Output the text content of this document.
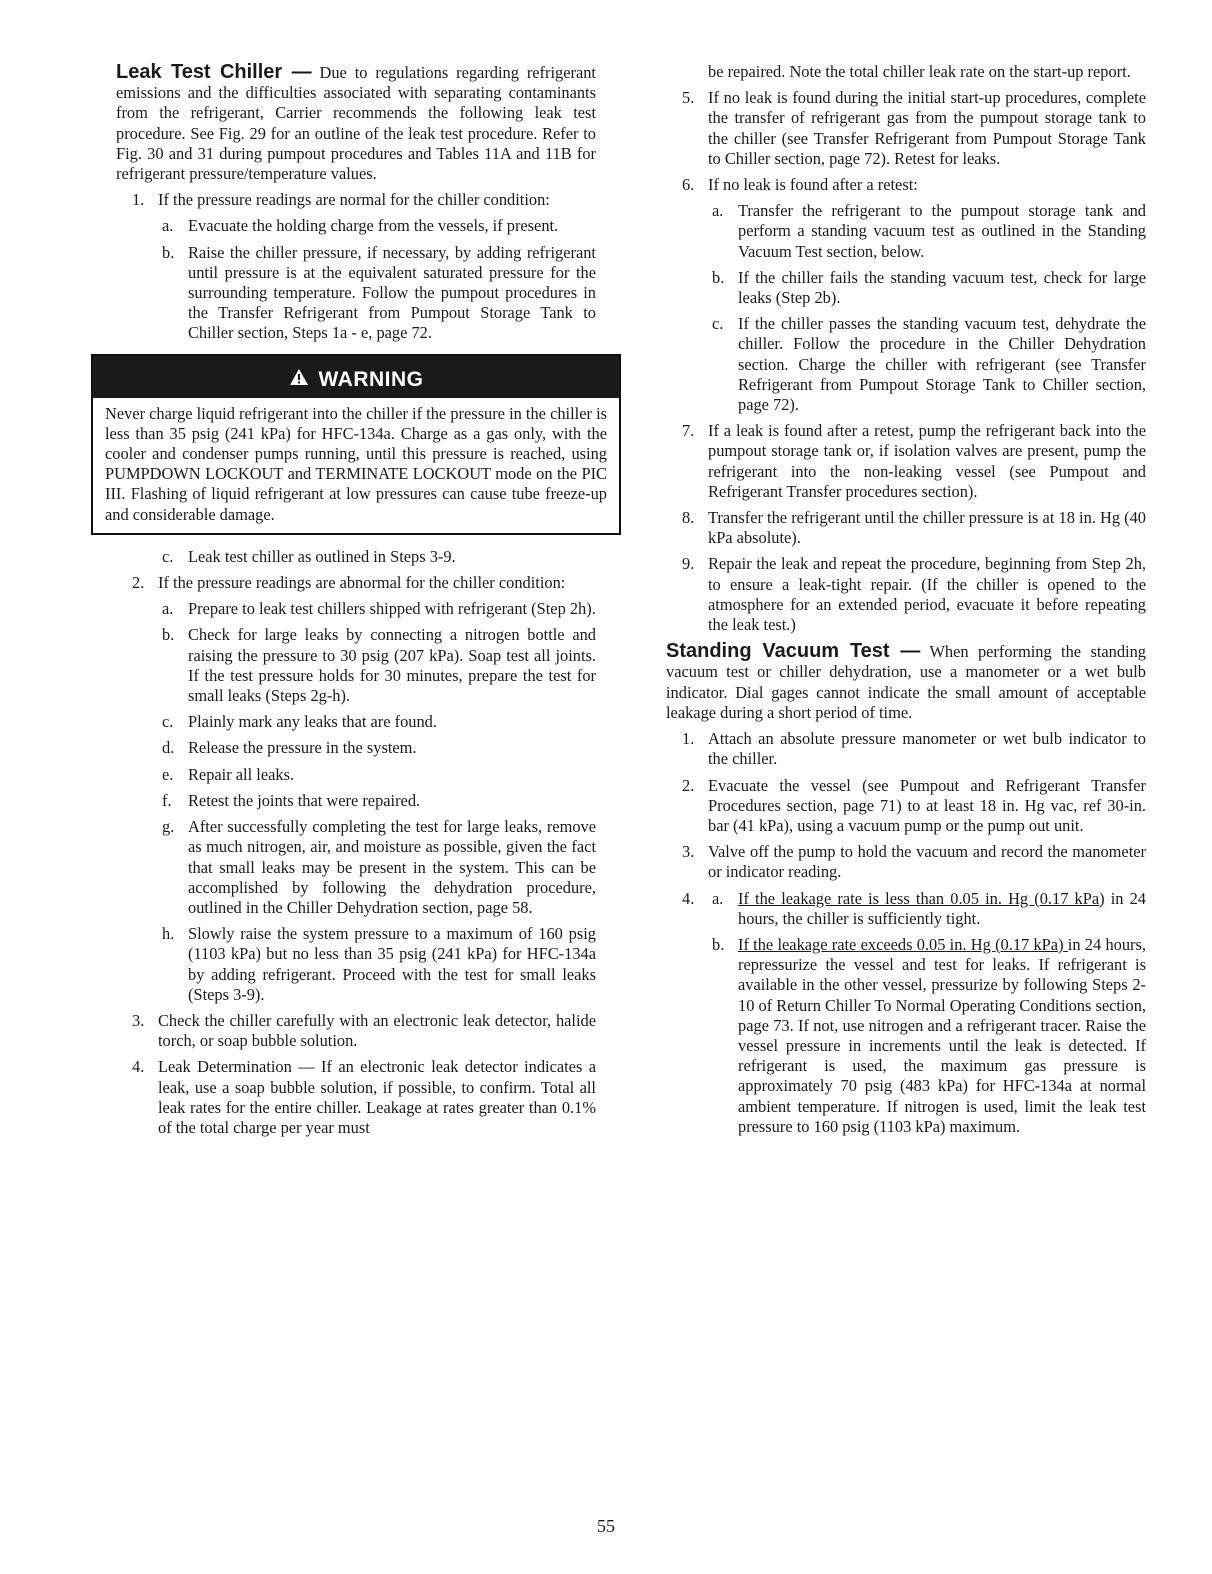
Leak Test Chiller — Due to regulations regarding refrigerant emissions and the difficulties associated with separating contaminants from the refrigerant, Carrier recommends the following leak test procedure. See Fig. 29 for an outline of the leak test procedure. Refer to Fig. 30 and 31 during pumpout procedures and Tables 11A and 11B for refrigerant pressure/temperature values.

1. If the pressure readings are normal for the chiller condition:
a. Evacuate the holding charge from the vessels, if present.
b. Raise the chiller pressure, if necessary, by adding refrigerant until pressure is at the equivalent saturated pressure for the surrounding temperature. Follow the pumpout procedures in the Transfer Refrigerant from Pumpout Storage Tank to Chiller section, Steps 1a - e, page 72.
WARNING
Never charge liquid refrigerant into the chiller if the pressure in the chiller is less than 35 psig (241 kPa) for HFC-134a. Charge as a gas only, with the cooler and condenser pumps running, until this pressure is reached, using PUMPDOWN LOCKOUT and TERMINATE LOCKOUT mode on the PIC III. Flashing of liquid refrigerant at low pressures can cause tube freeze-up and considerable damage.
c. Leak test chiller as outlined in Steps 3-9.
2. If the pressure readings are abnormal for the chiller condition:
a. Prepare to leak test chillers shipped with refrigerant (Step 2h).
b. Check for large leaks by connecting a nitrogen bottle and raising the pressure to 30 psig (207 kPa). Soap test all joints. If the test pressure holds for 30 minutes, prepare the test for small leaks (Steps 2g-h).
c. Plainly mark any leaks that are found.
d. Release the pressure in the system.
e. Repair all leaks.
f. Retest the joints that were repaired.
g. After successfully completing the test for large leaks, remove as much nitrogen, air, and moisture as possible, given the fact that small leaks may be present in the system. This can be accomplished by following the dehydration procedure, outlined in the Chiller Dehydration section, page 58.
h. Slowly raise the system pressure to a maximum of 160 psig (1103 kPa) but no less than 35 psig (241 kPa) for HFC-134a by adding refrigerant. Proceed with the test for small leaks (Steps 3-9).
3. Check the chiller carefully with an electronic leak detector, halide torch, or soap bubble solution.
4. Leak Determination — If an electronic leak detector indicates a leak, use a soap bubble solution, if possible, to confirm. Total all leak rates for the entire chiller. Leakage at rates greater than 0.1% of the total charge per year must
be repaired. Note the total chiller leak rate on the start-up report.
5. If no leak is found during the initial start-up procedures, complete the transfer of refrigerant gas from the pumpout storage tank to the chiller (see Transfer Refrigerant from Pumpout Storage Tank to Chiller section, page 72). Retest for leaks.
6. If no leak is found after a retest:
a. Transfer the refrigerant to the pumpout storage tank and perform a standing vacuum test as outlined in the Standing Vacuum Test section, below.
b. If the chiller fails the standing vacuum test, check for large leaks (Step 2b).
c. If the chiller passes the standing vacuum test, dehydrate the chiller. Follow the procedure in the Chiller Dehydration section. Charge the chiller with refrigerant (see Transfer Refrigerant from Pumpout Storage Tank to Chiller section, page 72).
7. If a leak is found after a retest, pump the refrigerant back into the pumpout storage tank or, if isolation valves are present, pump the refrigerant into the non-leaking vessel (see Pumpout and Refrigerant Transfer procedures section).
8. Transfer the refrigerant until the chiller pressure is at 18 in. Hg (40 kPa absolute).
9. Repair the leak and repeat the procedure, beginning from Step 2h, to ensure a leak-tight repair. (If the chiller is opened to the atmosphere for an extended period, evacuate it before repeating the leak test.)

Standing Vacuum Test — When performing the standing vacuum test or chiller dehydration, use a manometer or a wet bulb indicator. Dial gages cannot indicate the small amount of acceptable leakage during a short period of time.

1. Attach an absolute pressure manometer or wet bulb indicator to the chiller.
2. Evacuate the vessel (see Pumpout and Refrigerant Transfer Procedures section, page 71) to at least 18 in. Hg vac, ref 30-in. bar (41 kPa), using a vacuum pump or the pump out unit.
3. Valve off the pump to hold the vacuum and record the manometer or indicator reading.
4. a. If the leakage rate is less than 0.05 in. Hg (0.17 kPa) in 24 hours, the chiller is sufficiently tight.
b. If the leakage rate exceeds 0.05 in. Hg (0.17 kPa) in 24 hours, repressurize the vessel and test for leaks. If refrigerant is available in the other vessel, pressurize by following Steps 2-10 of Return Chiller To Normal Operating Conditions section, page 73. If not, use nitrogen and a refrigerant tracer. Raise the vessel pressure in increments until the leak is detected. If refrigerant is used, the maximum gas pressure is approximately 70 psig (483 kPa) for HFC-134a at normal ambient temperature. If nitrogen is used, limit the leak test pressure to 160 psig (1103 kPa) maximum.
55
